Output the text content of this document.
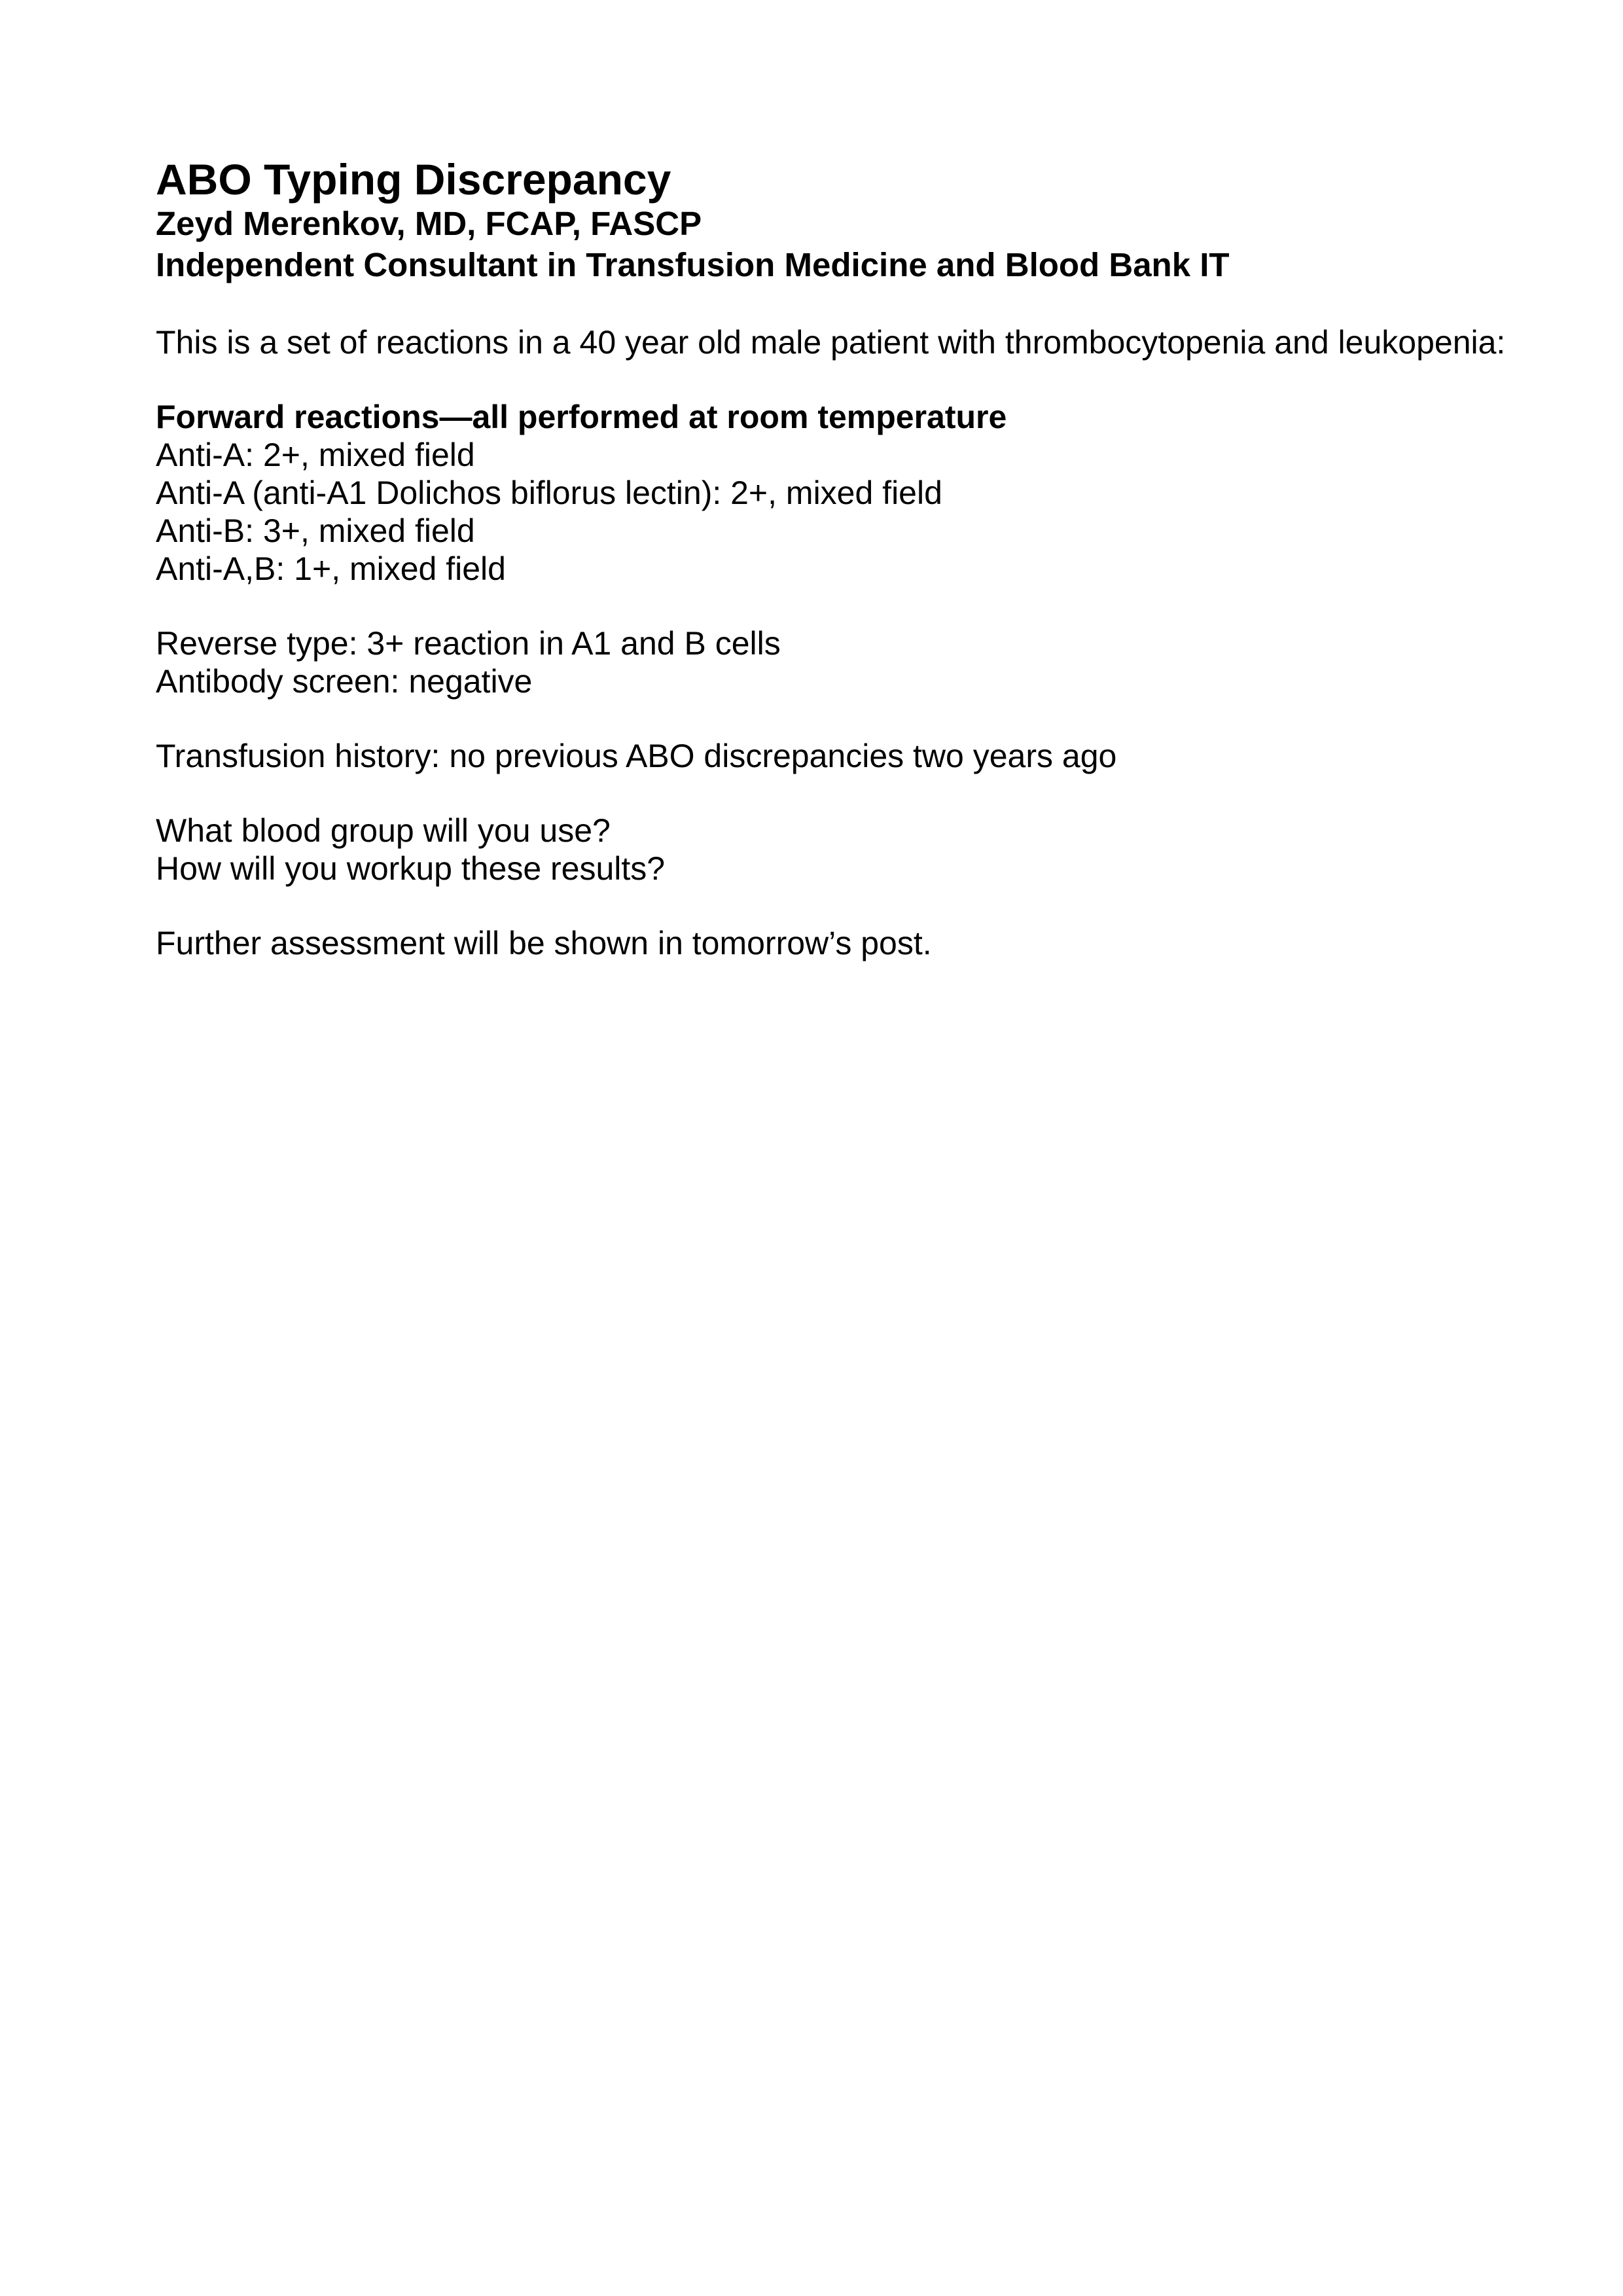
ABO Typing Discrepancy
Zeyd Merenkov, MD, FCAP, FASCP
Independent Consultant in Transfusion Medicine and Blood Bank IT
This is a set of reactions in a 40 year old male patient with thrombocytopenia and leukopenia:
Forward reactions—all performed at room temperature
Anti-A: 2+, mixed field
Anti-A (anti-A1 Dolichos biflorus lectin): 2+, mixed field
Anti-B: 3+, mixed field
Anti-A,B: 1+, mixed field
Reverse type: 3+ reaction in A1 and B cells
Antibody screen: negative
Transfusion history: no previous ABO discrepancies two years ago
What blood group will you use?
How will you workup these results?
Further assessment will be shown in tomorrow’s post.
